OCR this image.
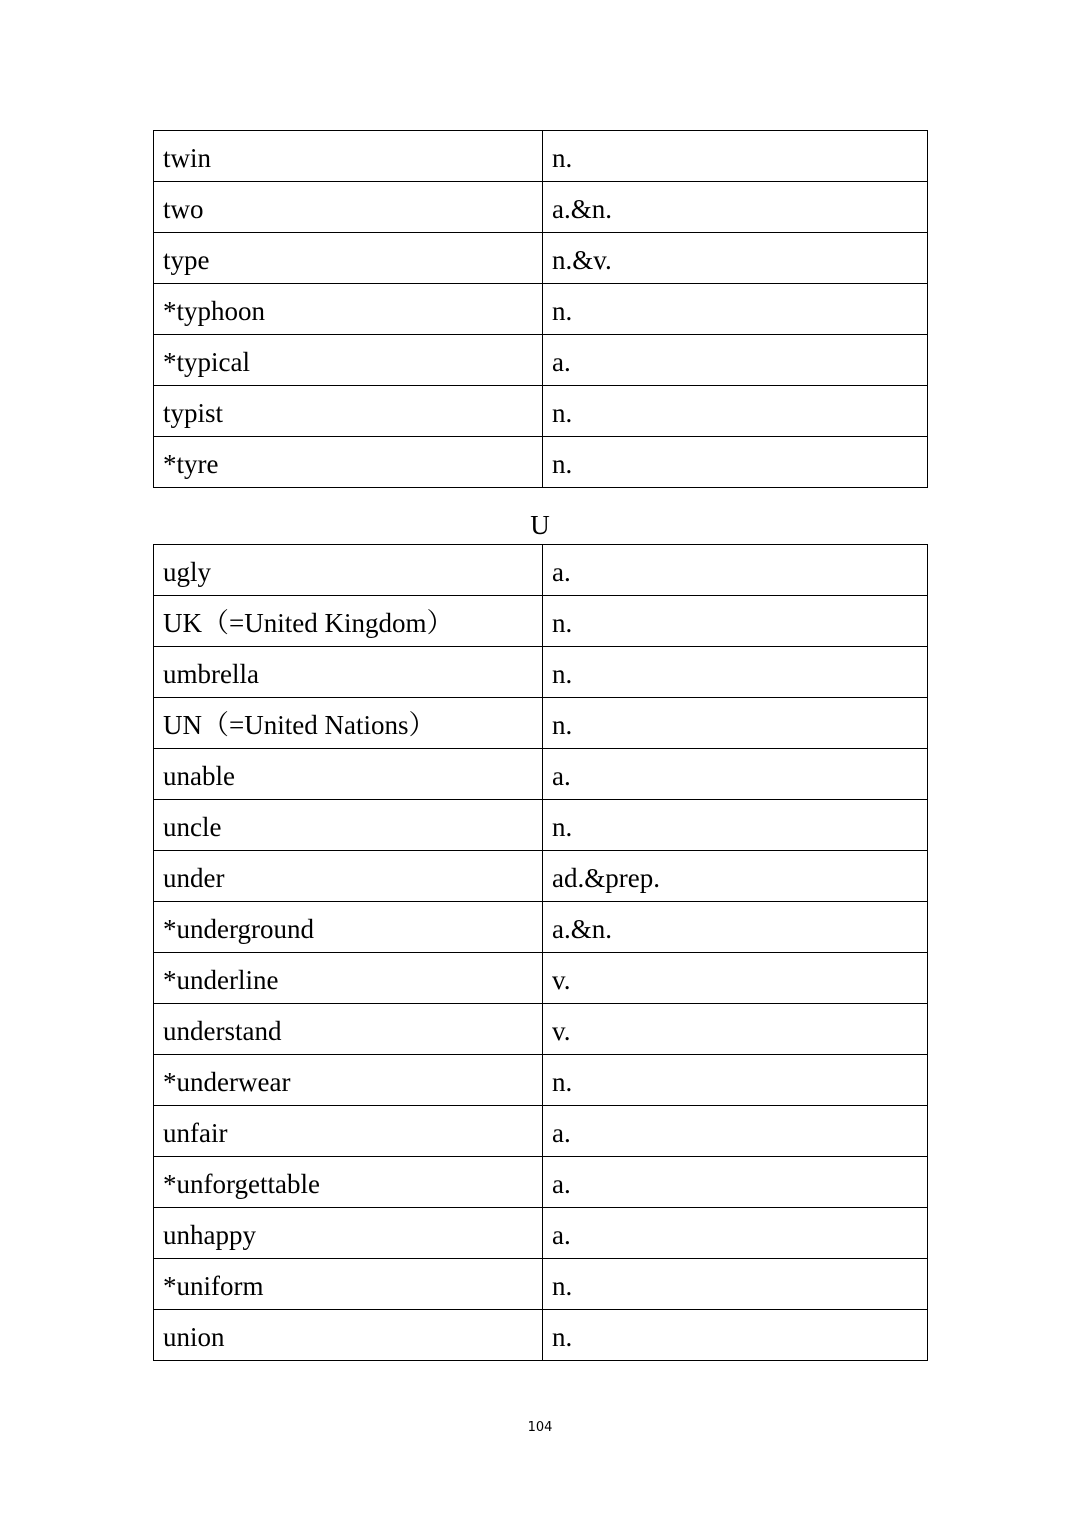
twin	n.
two	a.&n.
type	n.&v.
*typhoon	n.
*typical	a.
typist	n.
*tyre	n.
U
ugly	a.
UK（=United Kingdom）	n.
umbrella	n.
UN（=United Nations）	n.
unable	a.
uncle	n.
under	ad.&prep.
*underground	a.&n.
*underline	v.
understand	v.
*underwear	n.
unfair	a.
*unforgettable	a.
unhappy	a.
*uniform	n.
union	n.
104
